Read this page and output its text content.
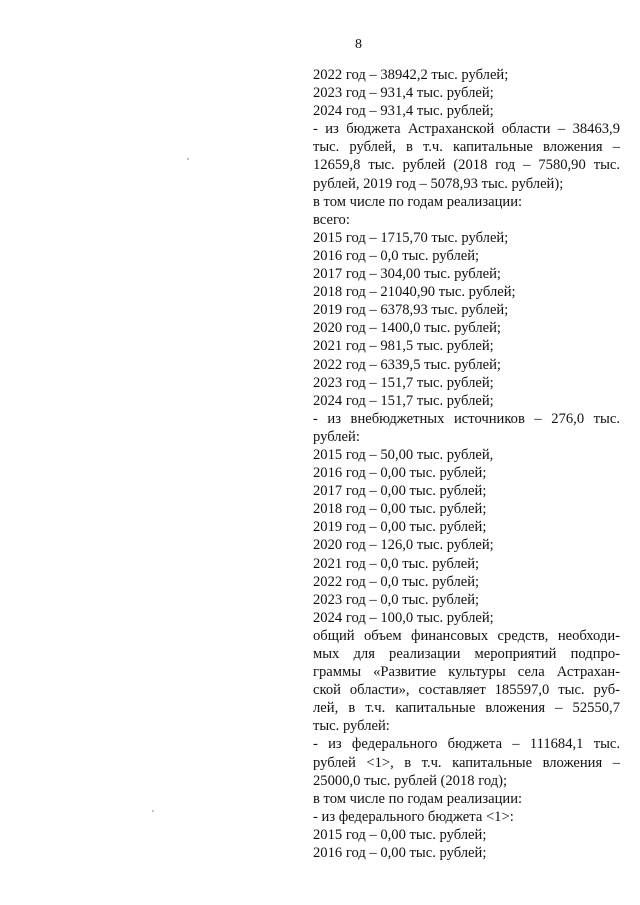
8
2022 год – 38942,2 тыс. рублей;
2023 год – 931,4 тыс. рублей;
2024 год – 931,4 тыс. рублей;
- из бюджета Астраханской области – 38463,9
тыс. рублей, в т.ч. капитальные вложения –
12659,8 тыс. рублей (2018 год – 7580,90 тыс.
рублей, 2019 год – 5078,93 тыс. рублей);
в том числе по годам реализации:
всего:
2015 год – 1715,70 тыс. рублей;
2016 год – 0,0 тыс. рублей;
2017 год – 304,00 тыс. рублей;
2018 год – 21040,90 тыс. рублей;
2019 год – 6378,93 тыс. рублей;
2020 год – 1400,0 тыс. рублей;
2021 год – 981,5 тыс. рублей;
2022 год – 6339,5 тыс. рублей;
2023 год – 151,7 тыс. рублей;
2024 год – 151,7 тыс. рублей;
- из внебюджетных источников – 276,0 тыс.
рублей:
2015 год – 50,00 тыс. рублей,
2016 год – 0,00 тыс. рублей;
2017 год – 0,00 тыс. рублей;
2018 год – 0,00 тыс. рублей;
2019 год – 0,00 тыс. рублей;
2020 год – 126,0 тыс. рублей;
2021 год – 0,0 тыс. рублей;
2022 год – 0,0 тыс. рублей;
2023 год – 0,0 тыс. рублей;
2024 год – 100,0 тыс. рублей;
общий объем финансовых средств, необходи-
мых для реализации мероприятий подпро-
граммы «Развитие культуры села Астрахан-
ской области», составляет 185597,0 тыс. руб-
лей, в т.ч. капитальные вложения – 52550,7
тыс. рублей:
- из федерального бюджета – 111684,1 тыс.
рублей <1>, в т.ч. капитальные вложения –
25000,0 тыс. рублей (2018 год);
в том числе по годам реализации:
- из федерального бюджета <1>:
2015 год – 0,00 тыс. рублей;
2016 год – 0,00 тыс. рублей;
